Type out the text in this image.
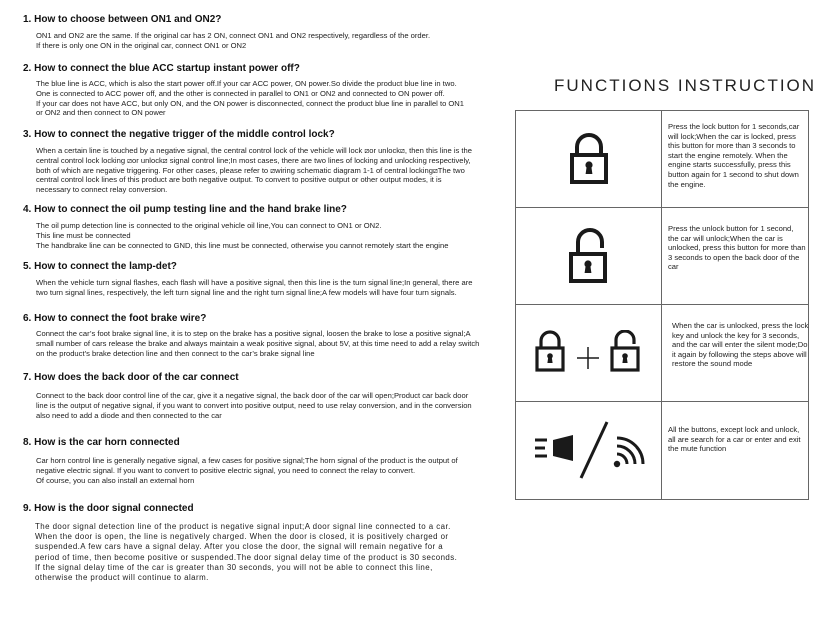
1. How to choose between ON1 and ON2?

ON1 and ON2 are the same. If the original car has 2 ON, connect ON1 and ON2 respectively, regardless of the order.
If there is only one ON in the original car, connect ON1 or ON2

2. How to connect the blue ACC startup instant power off?

The blue line is ACC, which is also the start power off.If your car ACC power, ON power.So divide the product blue line in two.
One is connected to ACC power off, and the other is connected in parallel to ON1 or ON2 and connected to ON power off.
If your car does not have ACC, but only ON, and the ON power is disconnected, connect the product blue line in parallel to ON1
or ON2 and then connect to ON power

3. How to connect the negative trigger of the middle control lock?

When a certain line is touched by a negative signal, the central control lock of the vehicle will lock ⧄or unlock⧄, then this line is the
central control lock locking ⧄or unlock⧄ signal control line;In most cases, there are two lines of locking and unlocking respectively,
both of which are negative triggering. For other cases, please refer to ⧄wiring schematic diagram 1-1 of central locking⧄The two
central control lock lines of this product are both negative output. To convert to positive output or other output modes, it is
necessary to connect relay conversion.

4. How to connect the oil pump testing line and the hand brake line?

The oil pump detection line is connected to the original vehicle oil line,You can connect to ON1 or ON2.
This line must be connected
The handbrake line can be connected to GND, this line must be connected, otherwise you cannot remotely start the engine

5. How to connect the lamp-det?

When the vehicle turn signal flashes, each flash will have a positive signal, then this line is the turn signal line;In general, there are
two turn signal lines, respectively, the left turn signal line and the right turn signal line;A few models will have four turn signals.

6. How to connect the foot brake wire?

Connect the car’s foot brake signal line, it is to step on the brake has a positive signal, loosen the brake to lose a positive signal;A
small number of cars release the brake and always maintain a weak positive signal, about 5V, at this time need to add a relay switch
on the product’s brake detection line and then connect to the car’s brake signal line

7. How does the back door of the car connect

Connect to the back door control line of the car, give it a negative signal, the back door of the car will open;Product car back door
line is the output of negative signal, if you want to convert into positive output, need to use relay conversion, and in the conversion
also need to add a diode and then connected to the car

8. How is the car horn connected

Car horn control line is generally negative signal, a few cases for positive signal;The horn signal of the product is the output of
negative electric signal. If you want to convert to positive electric signal, you need to connect the relay to convert.
Of course, you can also install an external horn

9. How is the door signal connected

The door signal detection line of the product is negative signal input;A door signal line connected to a car.
When the door is open, the line is negatively charged. When the door is closed, it is positively charged or
suspended.A few cars have a signal delay. After you close the door, the signal will remain negative for a
period of time, then become positive or suspended.The door signal delay time of the product is 30 seconds.
If the signal delay time of the car is greater than 30 seconds, you will not be able to connect this line,
otherwise the product will continue to alarm.

FUNCTIONS INSTRUCTION

Press the lock button for 1 seconds,car will lock;When the car is locked, press this button for more than 3 seconds to start the engine remotely. When the engine starts successfully, press this button again for 1 second to shut down the engine.

Press the unlock button for 1 second, the car will unlock;When the car is unlocked, press this button for more than 3 seconds to open the back door of the car

When the car is unlocked, press the lock key and unlock the key for 3 seconds, and the car will enter the silent mode;Do it again by following the steps above will restore the sound mode

All the buttons, except lock and unlock, all are search for a car or enter and exit the mute function
